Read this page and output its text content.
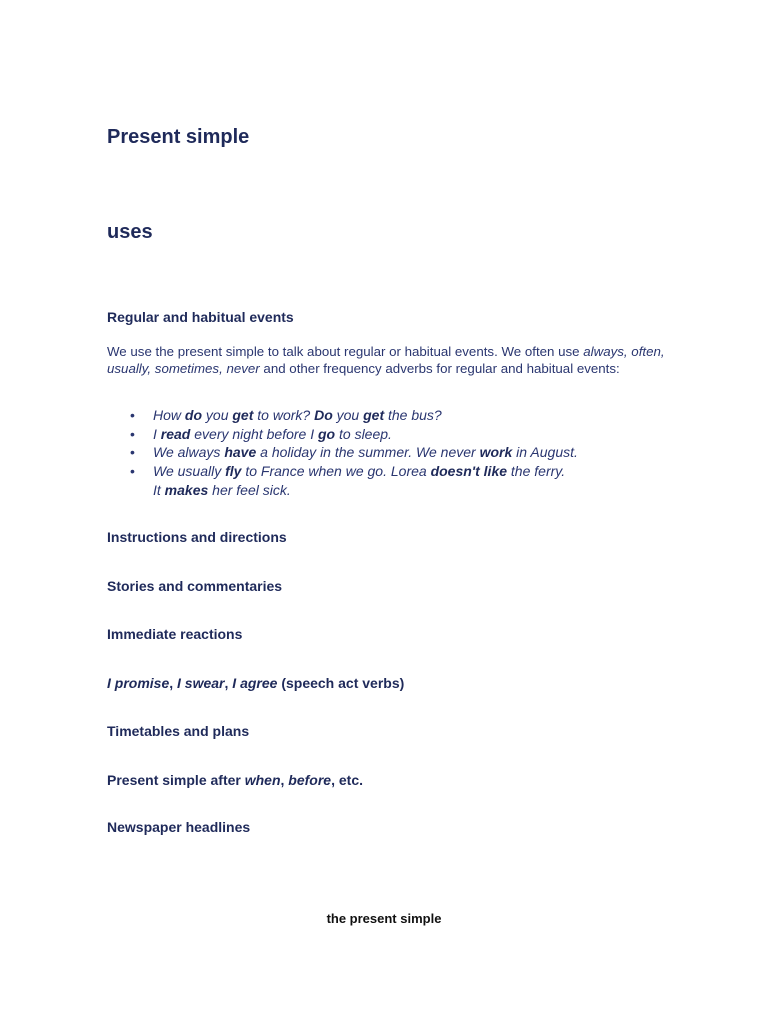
Present simple
uses
Regular and habitual events

We use the present simple to talk about regular or habitual events. We often use always, often, usually, sometimes, never and other frequency adverbs for regular and habitual events:

• How do you get to work? Do you get the bus?
• I read every night before I go to sleep.
• We always have a holiday in the summer. We never work in August.
• We usually fly to France when we go. Lorea doesn't like the ferry.
It makes her feel sick.
Instructions and directions
Stories and commentaries
Immediate reactions
I promise, I swear, I agree (speech act verbs)
Timetables and plans
Present simple after when, before, etc.
Newspaper headlines
the present simple
